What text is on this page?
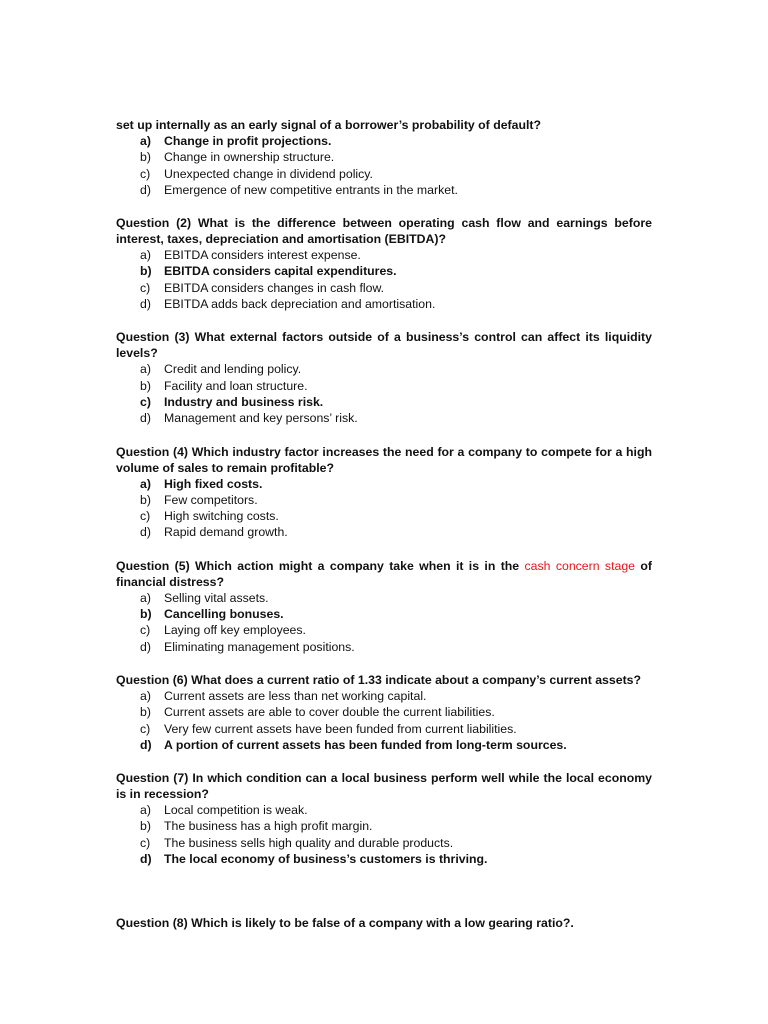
set up internally as an early signal of a borrower’s probability of default?

a)	Change in profit projections.
b)	Change in ownership structure.
c)	Unexpected change in dividend policy.
d)	Emergence of new competitive entrants in the market.

Question (2) What is the difference between operating cash flow and earnings before interest, taxes, depreciation and amortisation (EBITDA)?

a)	EBITDA considers interest expense.
b)	EBITDA considers capital expenditures.
c)	EBITDA considers changes in cash flow.
d)	EBITDA adds back depreciation and amortisation.

Question (3) What external factors outside of a business’s control can affect its liquidity levels?

a)	Credit and lending policy.
b)	Facility and loan structure.
c)	Industry and business risk.
d)	Management and key persons’ risk.

Question (4) Which industry factor increases the need for a company to compete for a high volume of sales to remain profitable?

a)	High fixed costs.
b)	Few competitors.
c)	High switching costs.
d)	Rapid demand growth.

Question (5) Which action might a company take when it is in the cash concern stage of financial distress?

a)	Selling vital assets.
b)	Cancelling bonuses.
c)	Laying off key employees.
d)	Eliminating management positions.

Question (6) What does a current ratio of 1.33 indicate about a company’s current assets?

a)	Current assets are less than net working capital.
b)	Current assets are able to cover double the current liabilities.
c)	Very few current assets have been funded from current liabilities.
d)	A portion of current assets has been funded from long-term sources.

Question (7) In which condition can a local business perform well while the local economy is in recession?

a)	Local competition is weak.
b)	The business has a high profit margin.
c)	The business sells high quality and durable products.
d)	The local economy of business’s customers is thriving.

Question (8) Which is likely to be false of a company with a low gearing ratio?.
